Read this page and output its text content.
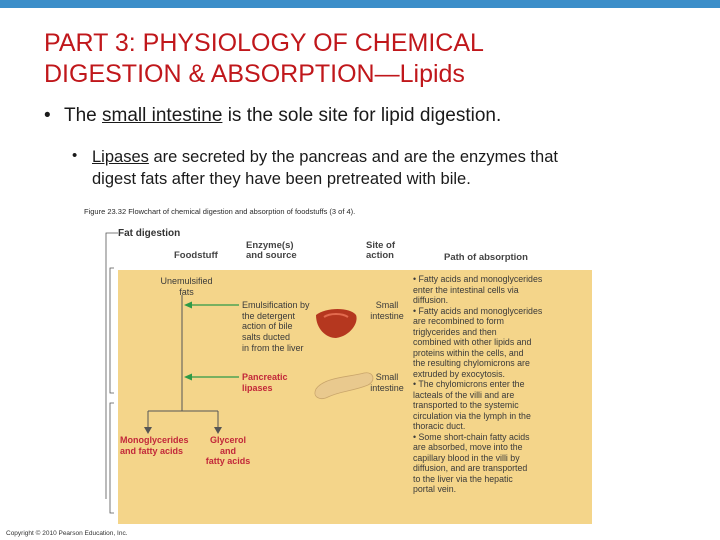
PART 3: PHYSIOLOGY OF CHEMICAL
DIGESTION & ABSORPTION—Lipids
• The small intestine is the sole site for lipid digestion.
• Lipases are secreted by the pancreas and are the enzymes that
digest fats after they have been pretreated with bile.
Figure 23.32 Flowchart of chemical digestion and absorption of foodstuffs (3 of 4).
Fat digestion
Foodstuff
Enzyme(s)
and source
Site of
action	Path of absorption
Unemulsified
fats
Emulsification by
the detergent
action of bile
salts ducted
in from the liver
Pancreatic
lipases
Small
intestine
Small
intestine
Monoglycerides
and fatty acids
Glycerol
and
fatty acids
• Fatty acids and monoglycerides
enter the intestinal cells via
diffusion.
• Fatty acids and monoglycerides
are recombined to form
triglycerides and then
combined with other lipids and
proteins within the cells, and
the resulting chylomicrons are
extruded by exocytosis.
• The chylomicrons enter the
lacteals of the villi and are
transported to the systemic
circulation via the lymph in the
thoracic duct.
• Some short-chain fatty acids
are absorbed, move into the
capillary blood in the villi by
diffusion, and are transported
to the liver via the hepatic
portal vein.
Copyright © 2010 Pearson Education, Inc.
